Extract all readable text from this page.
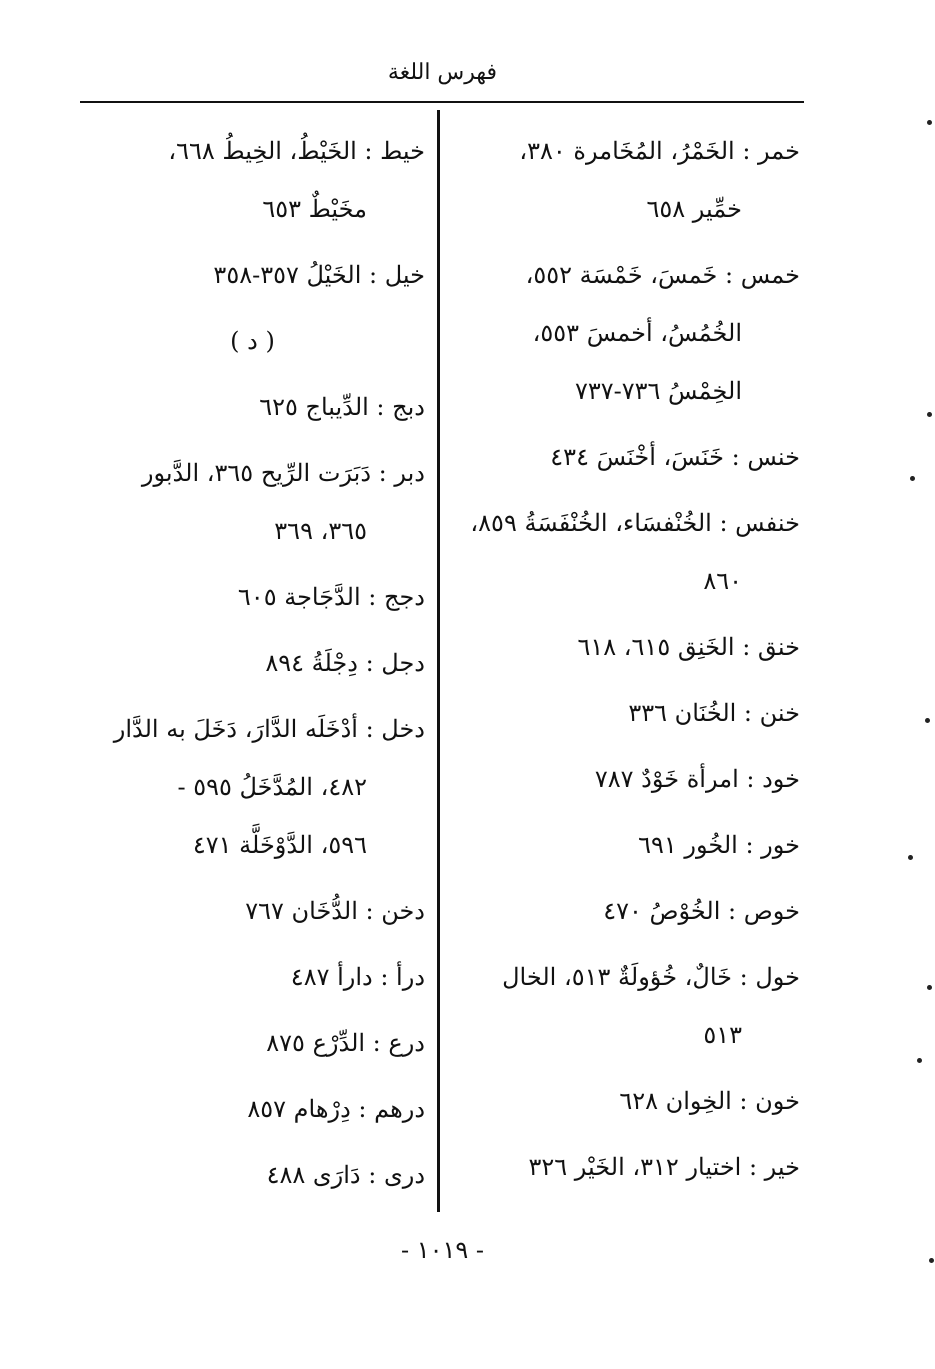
فهرس اللغة
خمر : الخَمْرُ، المُخَامرة ٣٨٠،
خمِّير ٦٥٨
خمس : خَمسَ، خَمْسَة ٥٥٢،
الخُمُسُ، أخمسَ ٥٥٣،
الخِمْسُ ٧٣٦-٧٣٧
خنس : خَنَسَ، أخْنَسَ ٤٣٤
خنفس : الخُنْفسَاء، الخُنْفَسَةُ ٨٥٩،
٨٦٠
خنق : الخَنِق ٦١٥، ٦١٨
خنن : الخُنَان ٣٣٦
خود : امرأة خَوْدٌ ٧٨٧
خور : الخُور ٦٩١
خوص : الخُوْصُ ٤٧٠
خول : خَالٌ، خُؤولَةٌ ٥١٣، الخال
٥١٣
خون : الخِوان ٦٢٨
خير : اختيار ٣١٢، الخَيْر ٣٢٦
خيط : الخَيْطُ، الخِيطُ ٦٦٨،
مخَيْطٌ ٦٥٣
خيل : الخَيْلُ ٣٥٧-٣٥٨
( د )
دبج : الدِّيباج ٦٢٥
دبر : دَبَرَت الرِّيح ٣٦٥، الدَّبور
٣٦٥، ٣٦٩
دجج : الدَّجَاجة ٦٠٥
دجل : دِجْلَةُ ٨٩٤
دخل : أدْخَلَه الدَّارَ، دَخَلَ به الدَّار
٤٨٢، المُدَّخَلُ ٥٩٥ -
٥٩٦، الدَّوْخَلَّة ٤٧١
دخن : الدُّخَان ٧٦٧
درأ : دارأ ٤٨٧
درع : الدِّرْع ٨٧٥
درهم : دِرْهام ٨٥٧
درى : دَارَى ٤٨٨
- ١٠١٩ -
